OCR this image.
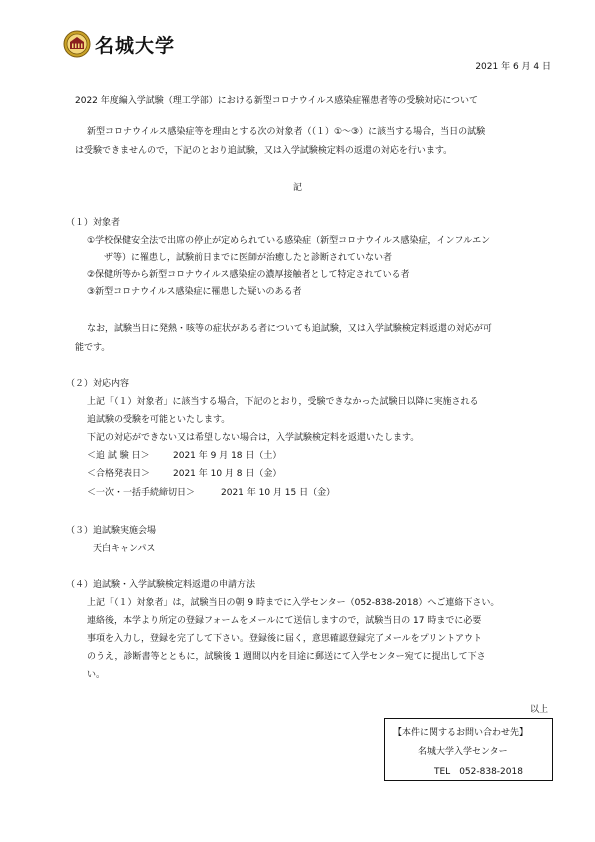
名城大学
2021 年 6 月 4 日
2022 年度編入学試験（理工学部）における新型コロナウイルス感染症罹患者等の受験対応について
新型コロナウイルス感染症等を理由とする次の対象者（（１）①～③）に該当する場合，当日の試験
は受験できませんので，下記のとおり追試験，又は入学試験検定料の返還の対応を行います。
記
（１）対象者
①学校保健安全法で出席の停止が定められている感染症（新型コロナウイルス感染症，インフルエン
ザ等）に罹患し，試験前日までに医師が治癒したと診断されていない者
②保健所等から新型コロナウイルス感染症の濃厚接触者として特定されている者
③新型コロナウイルス感染症に罹患した疑いのある者
なお，試験当日に発熱・咳等の症状がある者についても追試験，又は入学試験検定料返還の対応が可
能です。
（２）対応内容
上記「（１）対象者」に該当する場合，下記のとおり，受験できなかった試験日以降に実施される
追試験の受験を可能といたします。
下記の対応ができない又は希望しない場合は，入学試験検定料を返還いたします。
＜追 試 験 日＞	2021 年 9 月 18 日（土）
＜合格発表日＞	2021 年 10 月 8 日（金）
＜一次・一括手続締切日＞	2021 年 10 月 15 日（金）
（３）追試験実施会場
天白キャンパス
（４）追試験・入学試験検定料返還の申請方法
上記「（１）対象者」は，試験当日の朝 9 時までに入学センター（052-838-2018）へご連絡下さい。
連絡後，本学より所定の登録フォームをメールにて送信しますので，試験当日の 17 時までに必要
事項を入力し，登録を完了して下さい。登録後に届く，意思確認登録完了メールをプリントアウト
のうえ，診断書等とともに，試験後 1 週間以内を目途に郵送にて入学センター宛てに提出して下さ
い。
以上
【本件に関するお問い合わせ先】
名城大学入学センター
TEL　052-838-2018
